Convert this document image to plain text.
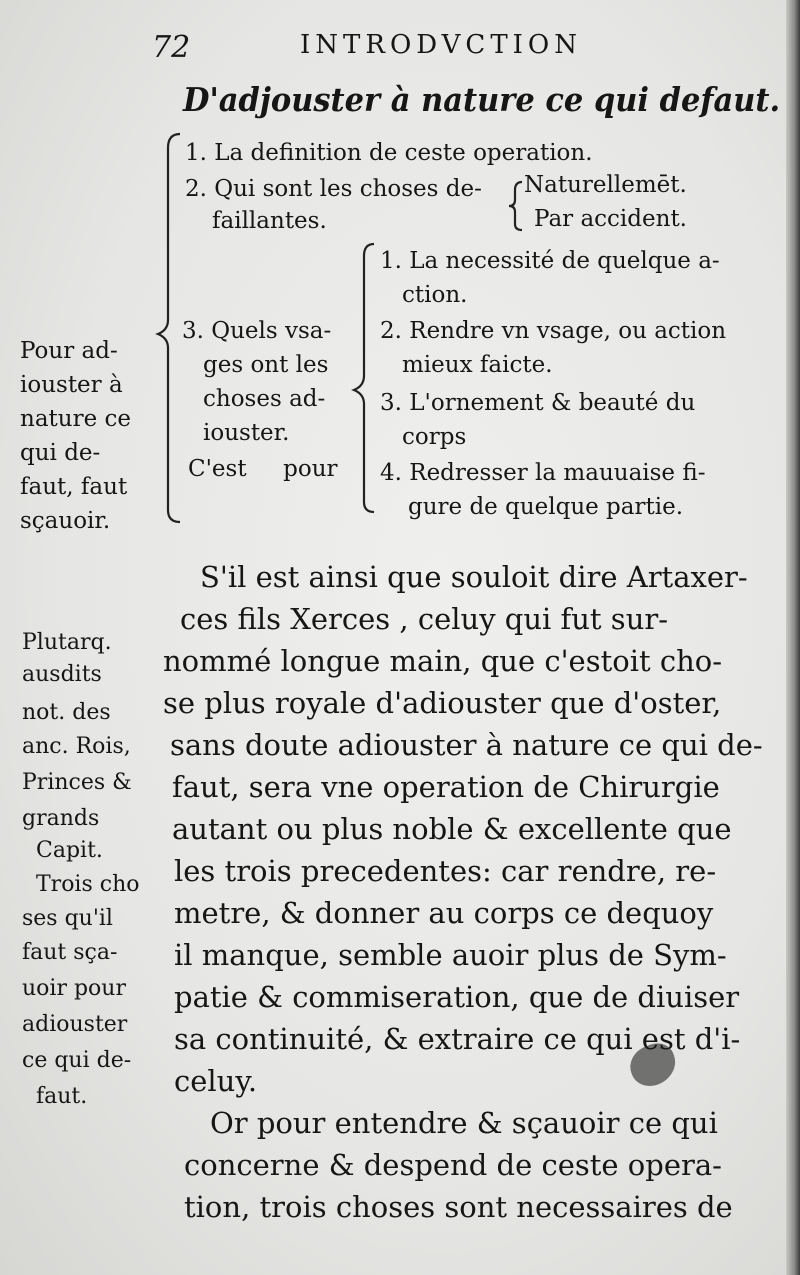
72	INTRODVCTION
D'adjouster à nature ce qui defaut.
Pour ad-
iouster à
nature ce
qui de-
faut, faut
sçauoir.
1. La definition de ceste operation.
2. Qui sont les choses de-
faillantes.
Naturellemēt.
Par accident.
3. Quels vsa-
ges ont les
choses ad-
iouster.
C'est     pour
1. La necessité de quelque a-
ction.
2. Rendre vn vsage, ou action
mieux faicte.
3. L'ornement & beauté du
corps
4. Redresser la mauuaise fi-
gure de quelque partie.
Plutarq.
ausdits
not. des
anc. Rois,
Princes &
grands
Capit.
Trois cho
ses qu'il
faut sça-
uoir pour
adiouster
ce qui de-
faut.
S'il est ainsi que souloit dire Artaxer-
ces fils Xerces , celuy qui fut sur-
nommé longue main, que c'estoit cho-
se plus royale d'adiouster que d'oster,
sans doute adiouster à nature ce qui de-
faut, sera vne operation de Chirurgie
autant ou plus noble & excellente que
les trois precedentes: car rendre, re-
metre, & donner au corps ce dequoy
il manque, semble auoir plus de Sym-
patie & commiseration, que de diuiser
sa continuité, & extraire ce qui est d'i-
celuy.
Or pour entendre & sçauoir ce qui
concerne & despend de ceste opera-
tion, trois choses sont necessaires de
